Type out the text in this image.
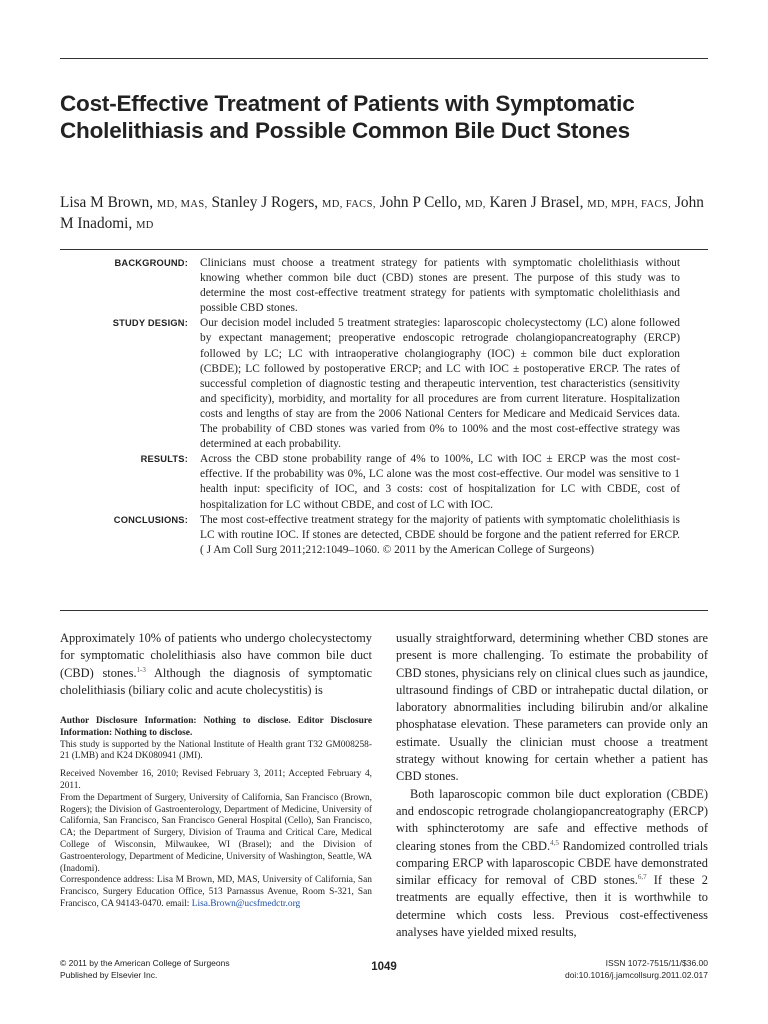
Cost-Effective Treatment of Patients with Symptomatic Cholelithiasis and Possible Common Bile Duct Stones

Lisa M Brown, MD, MAS, Stanley J Rogers, MD, FACS, John P Cello, MD, Karen J Brasel, MD, MPH, FACS, John M Inadomi, MD

BACKGROUND: Clinicians must choose a treatment strategy for patients with symptomatic cholelithiasis without knowing whether common bile duct (CBD) stones are present. The purpose of this study was to determine the most cost-effective treatment strategy for patients with symptomatic cholelithiasis and possible CBD stones.
STUDY DESIGN: Our decision model included 5 treatment strategies: laparoscopic cholecystectomy (LC) alone followed by expectant management; preoperative endoscopic retrograde cholangiopancreatography (ERCP) followed by LC; LC with intraoperative cholangiography (IOC) ± common bile duct exploration (CBDE); LC followed by postoperative ERCP; and LC with IOC ± postoperative ERCP. The rates of successful completion of diagnostic testing and therapeutic intervention, test characteristics (sensitivity and specificity), morbidity, and mortality for all procedures are from current literature. Hospitalization costs and lengths of stay are from the 2006 National Centers for Medicare and Medicaid Services data. The probability of CBD stones was varied from 0% to 100% and the most cost-effective strategy was determined at each probability.
RESULTS: Across the CBD stone probability range of 4% to 100%, LC with IOC ± ERCP was the most cost-effective. If the probability was 0%, LC alone was the most cost-effective. Our model was sensitive to 1 health input: specificity of IOC, and 3 costs: cost of hospitalization for LC with CBDE, cost of hospitalization for LC without CBDE, and cost of LC with IOC.
CONCLUSIONS: The most cost-effective treatment strategy for the majority of patients with symptomatic cholelithiasis is LC with routine IOC. If stones are detected, CBDE should be forgone and the patient referred for ERCP. ( J Am Coll Surg 2011;212:1049–1060. © 2011 by the American College of Surgeons)

Approximately 10% of patients who undergo cholecystectomy for symptomatic cholelithiasis also have common bile duct (CBD) stones.$^{1-3}$ Although the diagnosis of symptomatic cholelithiasis (biliary colic and acute cholecystitis) is

Author Disclosure Information: Nothing to disclose. Editor Disclosure Information: Nothing to disclose.

This study is supported by the National Institute of Health grant T32 GM008258-21 (LMB) and K24 DK080941 (JMI).

Received November 16, 2010; Revised February 3, 2011; Accepted February 4, 2011.

From the Department of Surgery, University of California, San Francisco (Brown, Rogers); the Division of Gastroenterology, Department of Medicine, University of California, San Francisco, San Francisco General Hospital (Cello), San Francisco, CA; the Department of Surgery, Division of Trauma and Critical Care, Medical College of Wisconsin, Milwaukee, WI (Brasel); and the Division of Gastroenterology, Department of Medicine, University of Washington, Seattle, WA (Inadomi).

Correspondence address: Lisa M Brown, MD, MAS, University of California, San Francisco, Surgery Education Office, 513 Parnassus Avenue, Room S-321, San Francisco, CA 94143-0470. email: Lisa.Brown@ucsfmedctr.org

usually straightforward, determining whether CBD stones are present is more challenging. To estimate the probability of CBD stones, physicians rely on clinical clues such as jaundice, ultrasound findings of CBD or intrahepatic ductal dilation, or laboratory abnormalities including bilirubin and/or alkaline phosphatase elevation. These parameters can provide only an estimate. Usually the clinician must choose a treatment strategy without knowing for certain whether a patient has CBD stones.

Both laparoscopic common bile duct exploration (CBDE) and endoscopic retrograde cholangiopancreatography (ERCP) with sphincterotomy are safe and effective methods of clearing stones from the CBD.$^{4,5}$ Randomized controlled trials comparing ERCP with laparoscopic CBDE have demonstrated similar efficacy for removal of CBD stones.$^{6,7}$ If these 2 treatments are equally effective, then it is worthwhile to determine which costs less. Previous cost-effectiveness analyses have yielded mixed results,

© 2011 by the American College of Surgeons
Published by Elsevier Inc.
1049	ISSN 1072-7515/11/$36.00
doi:10.1016/j.jamcollsurg.2011.02.017
